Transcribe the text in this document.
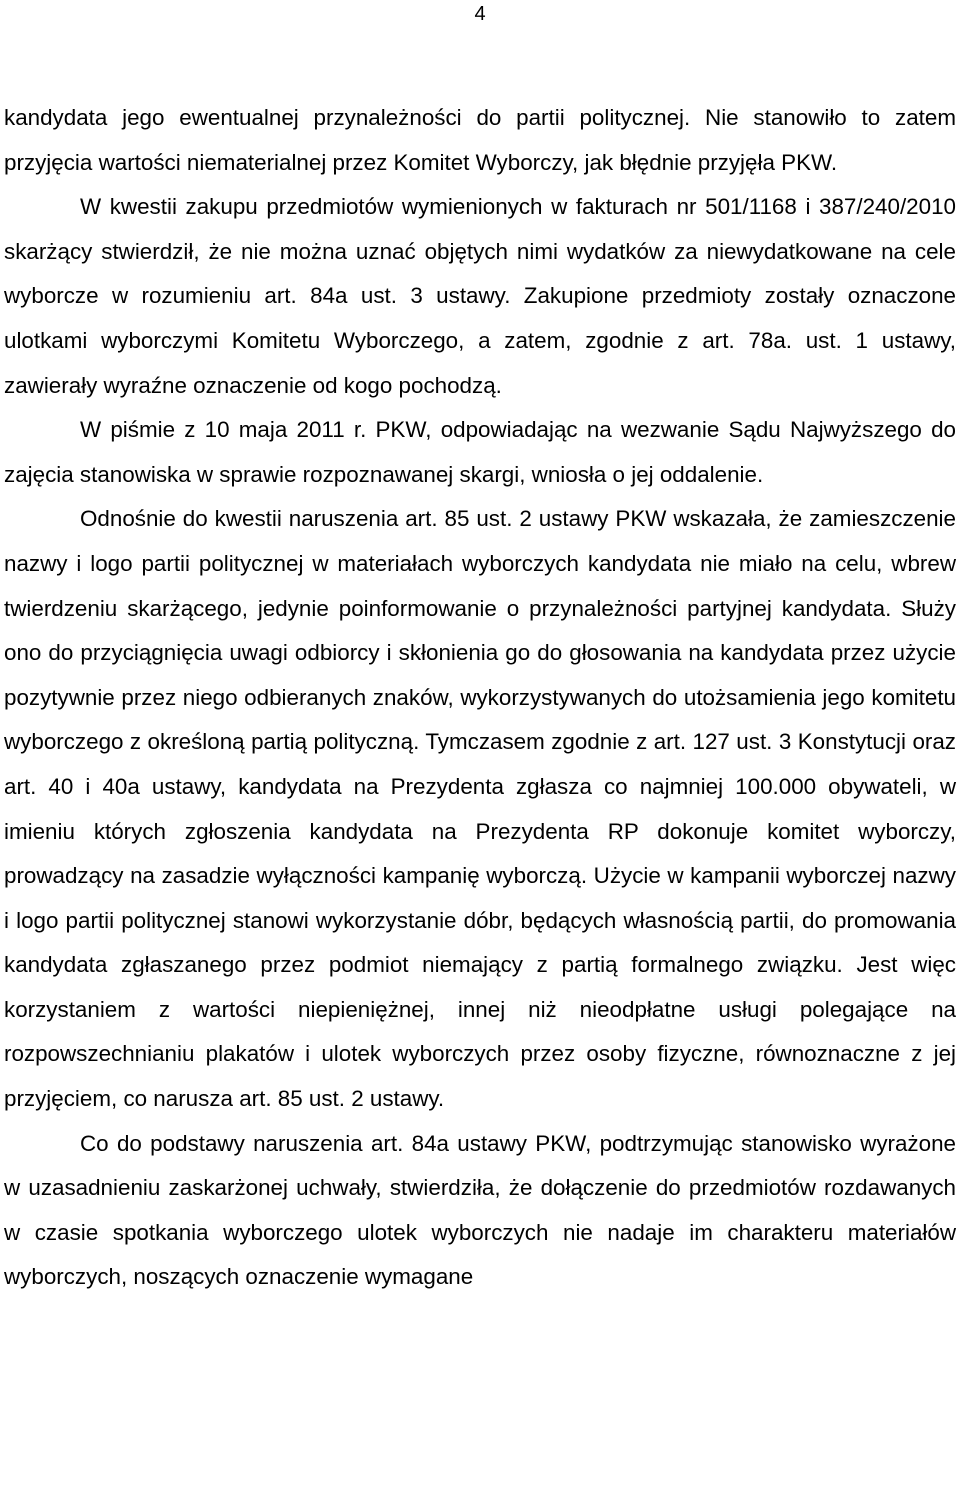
4

kandydata jego ewentualnej przynależności do partii politycznej. Nie stanowiło to zatem przyjęcia wartości niematerialnej przez Komitet Wyborczy, jak błędnie przyjęła PKW.

W kwestii zakupu przedmiotów wymienionych w fakturach nr 501/1168 i 387/240/2010 skarżący stwierdził, że nie można uznać objętych nimi wydatków za niewydatkowane na cele wyborcze w rozumieniu art. 84a ust. 3 ustawy. Zakupione przedmioty zostały oznaczone ulotkami wyborczymi Komitetu Wyborczego, a zatem, zgodnie z art. 78a. ust. 1 ustawy, zawierały wyraźne oznaczenie od kogo pochodzą.

W piśmie z 10 maja 2011 r. PKW, odpowiadając na wezwanie Sądu Najwyższego do zajęcia stanowiska w sprawie rozpoznawanej skargi, wniosła o jej oddalenie.

Odnośnie do kwestii naruszenia art. 85 ust. 2 ustawy PKW wskazała, że zamieszczenie nazwy i logo partii politycznej w materiałach wyborczych kandydata nie miało na celu, wbrew twierdzeniu skarżącego, jedynie poinformowanie o przynależności partyjnej kandydata. Służy ono do przyciągnięcia uwagi odbiorcy i skłonienia go do głosowania na kandydata przez użycie pozytywnie przez niego odbieranych znaków, wykorzystywanych do utożsamienia jego komitetu wyborczego z określoną partią polityczną. Tymczasem zgodnie z art. 127 ust. 3 Konstytucji oraz art. 40 i 40a ustawy, kandydata na Prezydenta zgłasza co najmniej 100.000 obywateli, w imieniu których zgłoszenia kandydata na Prezydenta RP dokonuje komitet wyborczy, prowadzący na zasadzie wyłączności kampanię wyborczą. Użycie w kampanii wyborczej nazwy i logo partii politycznej stanowi wykorzystanie dóbr, będących własnością partii, do promowania kandydata zgłaszanego przez podmiot niemający z partią formalnego związku. Jest więc korzystaniem z wartości niepieniężnej, innej niż nieodpłatne usługi polegające na rozpowszechnianiu plakatów i ulotek wyborczych przez osoby fizyczne, równoznaczne z jej przyjęciem, co narusza art. 85 ust. 2 ustawy.

Co do podstawy naruszenia art. 84a ustawy PKW, podtrzymując stanowisko wyrażone w uzasadnieniu zaskarżonej uchwały, stwierdziła, że dołączenie do przedmiotów rozdawanych w czasie spotkania wyborczego ulotek wyborczych nie nadaje im charakteru materiałów wyborczych, noszących oznaczenie wymagane
